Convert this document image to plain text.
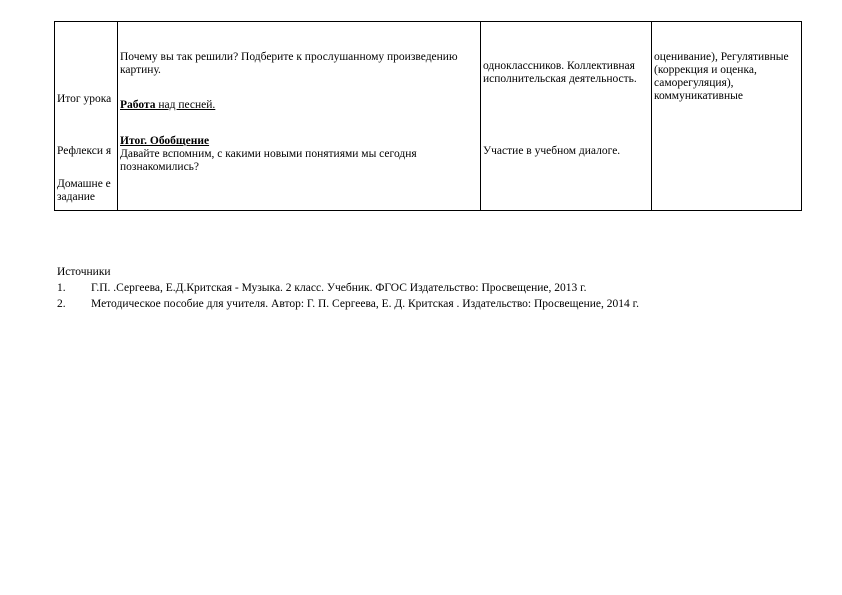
Итог урока
Рефлекси я
Домашне е задание

Почему вы так решили? Подберите к прослушанному произведению картину.
Работа над песней.
Итог. Обобщение
Давайте вспомним, с какими новыми понятиями мы сегодня познакомились?

одноклассников. Коллективная исполнительская деятельность.
Участие в учебном диалоге.

оценивание), Регулятивные (коррекция и оценка, саморегуляция), коммуникативные
Источники
1.	Г.П. .Сергеева, Е.Д.Критская - Музыка. 2 класс. Учебник. ФГОС Издательство: Просвещение, 2013 г.
2.	Методическое пособие для учителя. Автор: Г. П. Сергеева, Е. Д. Критская . Издательство: Просвещение, 2014 г.
